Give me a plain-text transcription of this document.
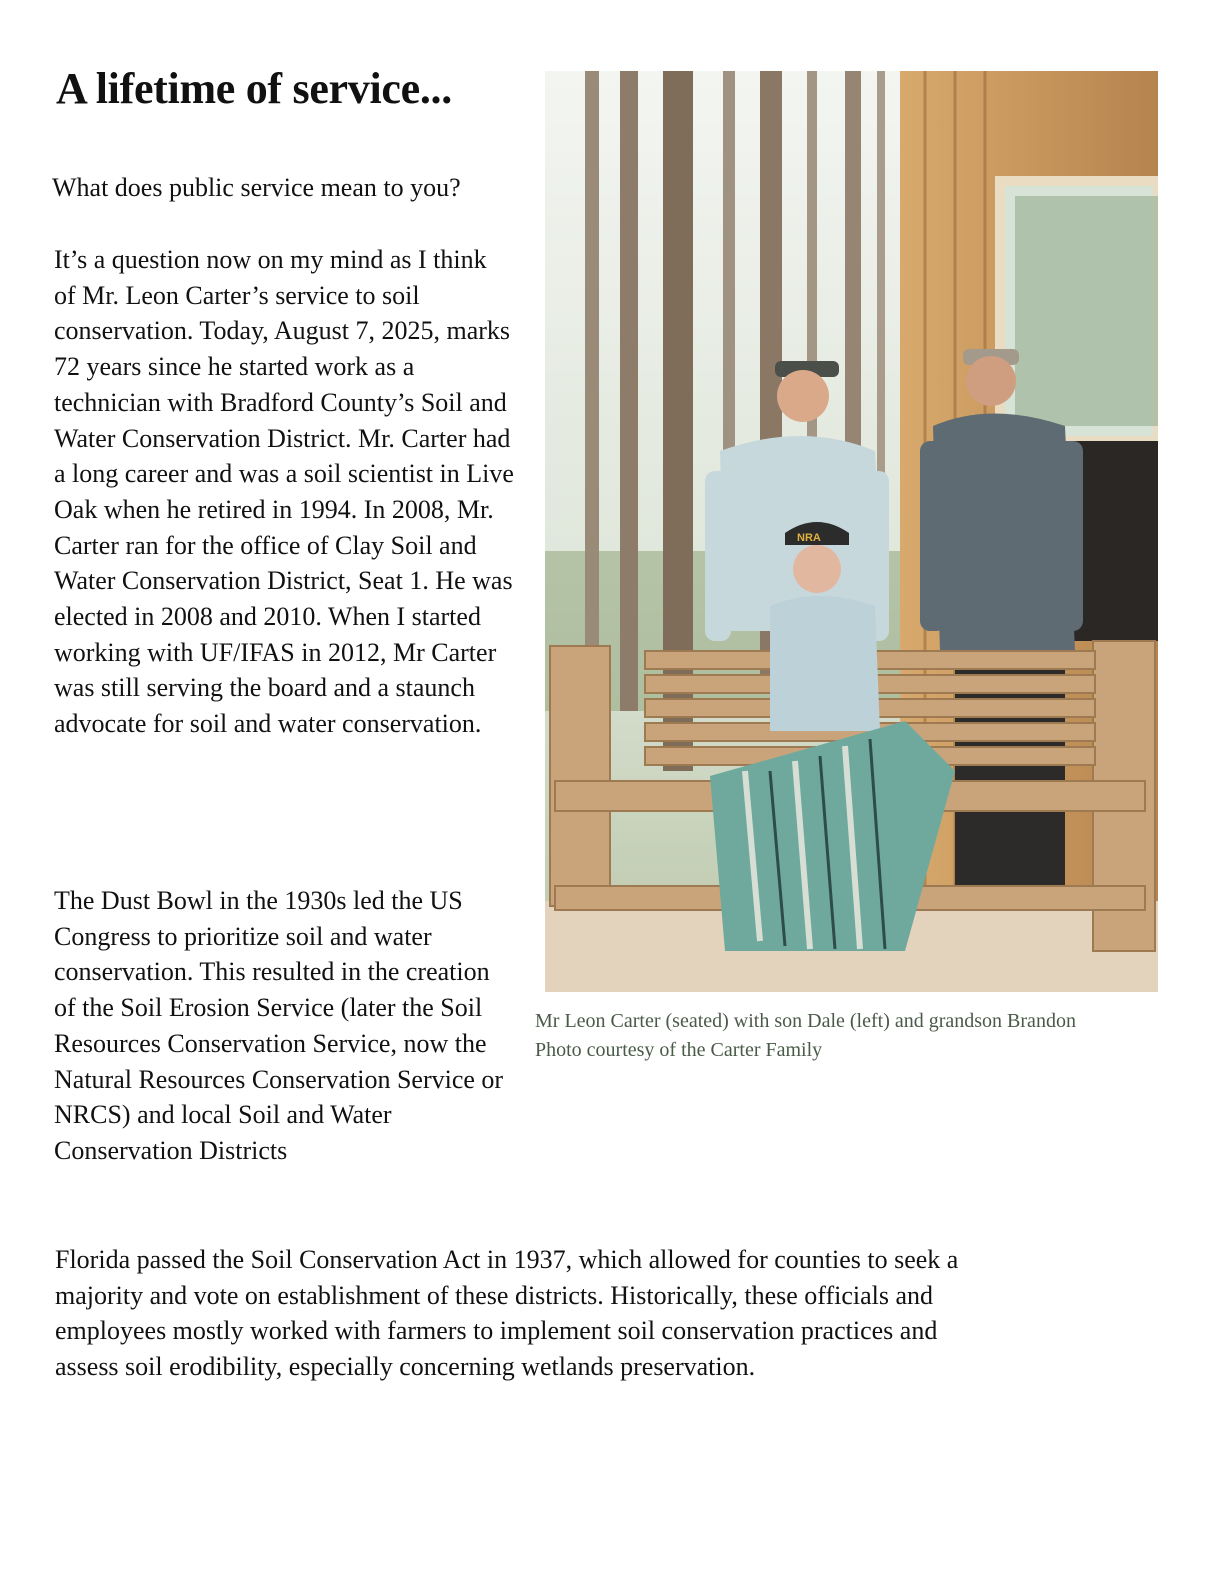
A lifetime of service...

What does public service mean to you?

It’s a question now on my mind as I think of Mr. Leon Carter’s service to soil conservation. Today, August 7, 2025, marks 72 years since he started work as a technician with Bradford County’s Soil and Water Conservation District. Mr. Carter had a long career and was a soil scientist in Live Oak when he retired in 1994. In 2008, Mr. Carter ran for the office of Clay Soil and Water Conservation District, Seat 1. He was elected in 2008 and 2010. When I started working with UF/IFAS in 2012, Mr Carter was still serving the board and a staunch advocate for soil and water conservation.

The Dust Bowl in the 1930s led the US Congress to prioritize soil and water conservation. This resulted in the creation of the Soil Erosion Service (later the Soil Resources Conservation Service, now the Natural Resources Conservation Service or NRCS) and local Soil and Water Conservation Districts

Florida passed the Soil Conservation Act in 1937, which allowed for counties to seek a majority and vote on establishment of these districts. Historically, these officials and employees mostly worked with farmers to implement soil conservation practices and assess soil erodibility, especially concerning wetlands preservation.

NRA

Mr Leon Carter (seated) with son Dale (left) and grandson Brandon
Photo courtesy of the Carter Family
